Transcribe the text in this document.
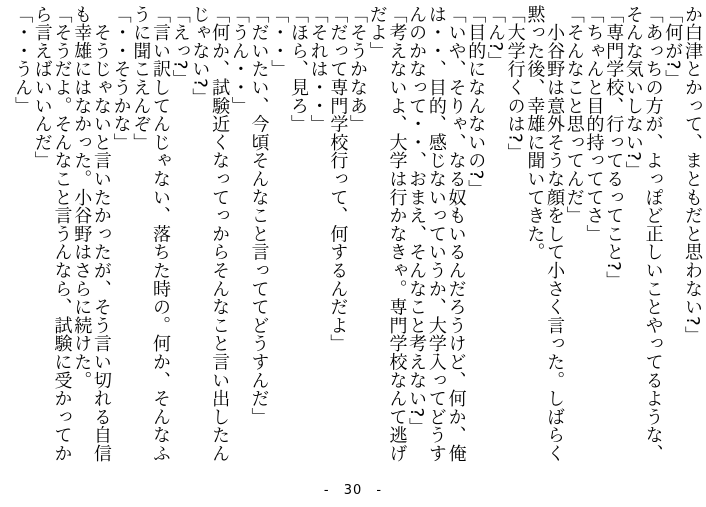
か白津とかって、まともだと思わない?」
「何が?」
「あっちの方が、よっぽど正しいことやってるような、
そんな気いしない?」
「専門学校、行ってるってこと?」
「ちゃんと目的持っててさ」
「そんなこと思ってんだ」
　小谷野は意外そうな顔をして小さく言った。しばらく
黙った後、幸雄に聞いてきた。
「大学行くのは?」
「ん?」
「目的になんないの?」
「いや、そりゃ、なる奴もいるんだろうけど、何か、俺
は・・、目的、感じないっていうか、大学入ってどうす
んのかなって・・、おまえ、そんなこと考えない?」
「考えないよ、大学は行かなきゃ。専門学校なんて逃げ
だよ」
「そうかなあ」
「だって専門学校行って、何するんだよ」
「それは・・」
「ほら、見ろ」
「・・」
「だいたい、今頃そんなこと言っててどうすんだ」
「うん・・」
「何か、試験近くなってっからそんなこと言い出したん
じゃない?」
「えっ?」
「言い訳してんじゃない、落ちた時の。何か、そんなふ
うに聞こえんぞ」
「・・そうかな」
　そうじゃないと言いたかったが、そう言い切れる自信
も幸雄にはなかった。小谷野はさらに続けた。
「そうだよ。そんなこと言うんなら、試験に受かってか
ら言えばいいんだ」
「・・うん」
- 30 -
